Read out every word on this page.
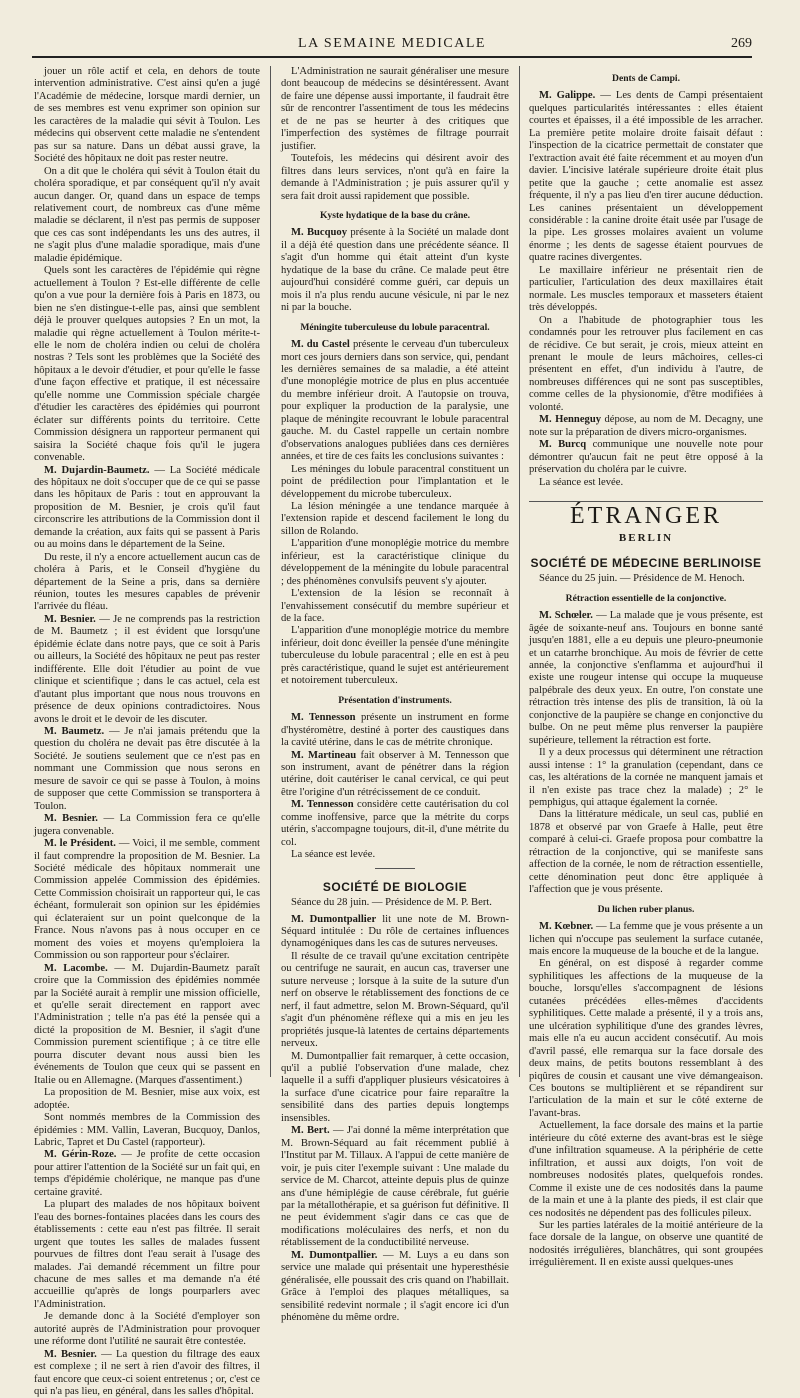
LA SEMAINE MEDICALE	269

jouer un rôle actif et cela, en dehors de toute intervention administrative. C'est ainsi qu'en a jugé l'Académie de médecine, lorsque mardi dernier, un de ses membres est venu exprimer son opinion sur les caractères de la maladie qui sévit à Toulon. Les médecins qui observent cette maladie ne s'entendent pas sur sa nature. Dans un débat aussi grave, la Société des hôpitaux ne doit pas rester neutre.

On a dit que le choléra qui sévit à Toulon était du choléra sporadique, et par conséquent qu'il n'y avait aucun danger. Or, quand dans un espace de temps relativement court, de nombreux cas d'une même maladie se déclarent, il n'est pas permis de supposer que ces cas sont indépendants les uns des autres, il ne s'agit plus d'une maladie sporadique, mais d'une maladie épidémique.

Quels sont les caractères de l'épidémie qui règne actuellement à Toulon ? Est-elle différente de celle qu'on a vue pour la dernière fois à Paris en 1873, ou bien ne s'en distingue-t-elle pas, ainsi que semblent déjà le prouver quelques autopsies ? En un mot, la maladie qui règne actuellement à Toulon mérite-t-elle le nom de choléra indien ou celui de choléra nostras ? Tels sont les problèmes que la Société des hôpitaux a le devoir d'étudier, et pour qu'elle le fasse d'une façon effective et pratique, il est nécessaire qu'elle nomme une Commission spéciale chargée d'étudier les caractères des épidémies qui pourront éclater sur différents points du territoire. Cette Commission désignera un rapporteur permanent qui saisira la Société chaque fois qu'il le jugera convenable.

M. Dujardin-Baumetz. — La Société médicale des hôpitaux ne doit s'occuper que de ce qui se passe dans les hôpitaux de Paris : tout en approuvant la proposition de M. Besnier, je crois qu'il faut circonscrire les attributions de la Commission dont il demande la création, aux faits qui se passent à Paris ou au moins dans le département de la Seine.

Du reste, il n'y a encore actuellement aucun cas de choléra à Paris, et le Conseil d'hygiène du département de la Seine a pris, dans sa dernière réunion, toutes les mesures capables de prévenir l'arrivée du fléau.

M. Besnier. — Je ne comprends pas la restriction de M. Baumetz ; il est évident que lorsqu'une épidémie éclate dans notre pays, que ce soit à Paris ou ailleurs, la Société des hôpitaux ne peut pas rester indifférente. Elle doit l'étudier au point de vue clinique et scientifique ; dans le cas actuel, cela est d'autant plus important que nous nous trouvons en présence de deux opinions contradictoires. Nous avons le droit et le devoir de les discuter.

M. Baumetz. — Je n'ai jamais prétendu que la question du choléra ne devait pas être discutée à la Société. Je soutiens seulement que ce n'est pas en nommant une Commission que nous serons en mesure de savoir ce qui se passe à Toulon, à moins de supposer que cette Commission se transportera à Toulon.

M. Besnier. — La Commission fera ce qu'elle jugera convenable.

M. le Président. — Voici, il me semble, comment il faut comprendre la proposition de M. Besnier. La Société médicale des hôpitaux nommerait une Commission appelée Commission des épidémies. Cette Commission choisirait un rapporteur qui, le cas échéant, formulerait son opinion sur les épidémies qui éclateraient sur un point quelconque de la France. Nous n'avons pas à nous occuper en ce moment des voies et moyens qu'emploiera la Commission ou son rapporteur pour s'éclairer.

M. Lacombe. — M. Dujardin-Baumetz paraît croire que la Commission des épidémies nommée par la Société aurait à remplir une mission officielle, et qu'elle serait directement en rapport avec l'Administration ; telle n'a pas été la pensée qui a dicté la proposition de M. Besnier, il s'agit d'une Commission purement scientifique ; à ce titre elle pourra discuter devant nous aussi bien les événements de Toulon que ceux qui se passent en Italie ou en Allemagne. (Marques d'assentiment.)

La proposition de M. Besnier, mise aux voix, est adoptée.

Sont nommés membres de la Commission des épidémies : MM. Vallin, Laveran, Bucquoy, Danlos, Labric, Tapret et Du Castel (rapporteur).

M. Gérin-Roze. — Je profite de cette occasion pour attirer l'attention de la Société sur un fait qui, en temps d'épidémie cholérique, ne manque pas d'une certaine gravité.

La plupart des malades de nos hôpitaux boivent l'eau des bornes-fontaines placées dans les cours des établissements : cette eau n'est pas filtrée. Il serait urgent que toutes les salles de malades fussent pourvues de filtres dont l'eau serait à l'usage des malades. J'ai demandé récemment un filtre pour chacune de mes salles et ma demande n'a été accueillie qu'après de longs pourparlers avec l'Administration.

Je demande donc à la Société d'employer son autorité auprès de l'Administration pour provoquer une réforme dont l'utilité ne saurait être contestée.

M. Besnier. — La question du filtrage des eaux est complexe ; il ne sert à rien d'avoir des filtres, il faut encore que ceux-ci soient entretenus ; or, c'est ce qui n'a pas lieu, en général, dans les salles d'hôpital.

L'Administration ne saurait généraliser une mesure dont beaucoup de médecins se désintéressent. Avant de faire une dépense aussi importante, il faudrait être sûr de rencontrer l'assentiment de tous les médecins et de ne pas se heurter à des critiques que l'imperfection des systèmes de filtrage pourrait justifier.

Toutefois, les médecins qui désirent avoir des filtres dans leurs services, n'ont qu'à en faire la demande à l'Administration ; je puis assurer qu'il y sera fait droit aussi rapidement que possible.

Kyste hydatique de la base du crâne.

M. Bucquoy présente à la Société un malade dont il a déjà été question dans une précédente séance. Il s'agit d'un homme qui était atteint d'un kyste hydatique de la base du crâne. Ce malade peut être aujourd'hui considéré comme guéri, car depuis un mois il n'a plus rendu aucune vésicule, ni par le nez ni par la bouche.

Méningite tuberculeuse du lobule paracentral.

M. du Castel présente le cerveau d'un tuberculeux mort ces jours derniers dans son service, qui, pendant les dernières semaines de sa maladie, a été atteint d'une monoplégie motrice de plus en plus accentuée du membre inférieur droit. A l'autopsie on trouva, pour expliquer la production de la paralysie, une plaque de méningite recouvrant le lobule paracentral gauche. M. du Castel rappelle un certain nombre d'observations analogues publiées dans ces dernières années, et tire de ces faits les conclusions suivantes :

Les méninges du lobule paracentral constituent un point de prédilection pour l'implantation et le développement du microbe tuberculeux.

La lésion méningée a une tendance marquée à l'extension rapide et descend facilement le long du sillon de Rolando.

L'apparition d'une monoplégie motrice du membre inférieur, est la caractéristique clinique du développement de la méningite du lobule paracentral ; des phénomènes convulsifs peuvent s'y ajouter.

L'extension de la lésion se reconnaît à l'envahissement consécutif du membre supérieur et de la face.

L'apparition d'une monoplégie motrice du membre inférieur, doit donc éveiller la pensée d'une méningite tuberculeuse du lobule paracentral ; elle en est à peu près caractéristique, quand le sujet est antérieurement et notoirement tuberculeux.

Présentation d'instruments.

M. Tennesson présente un instrument en forme d'hystéromètre, destiné à porter des caustiques dans la cavité utérine, dans le cas de métrite chronique.

M. Martineau fait observer à M. Tennesson que son instrument, avant de pénétrer dans la région utérine, doit cautériser le canal cervical, ce qui peut être l'origine d'un rétrécissement de ce conduit.

M. Tennesson considère cette cautérisation du col comme inoffensive, parce que la métrite du corps utérin, s'accompagne toujours, dit-il, d'une métrite du col.

La séance est levée.

SOCIÉTÉ DE BIOLOGIE

Séance du 28 juin. — Présidence de M. P. Bert.

M. Dumontpallier lit une note de M. Brown-Séquard intitulée : Du rôle de certaines influences dynamogéniques dans les cas de sutures nerveuses.

Il résulte de ce travail qu'une excitation centripète ou centrifuge ne saurait, en aucun cas, traverser une suture nerveuse ; lorsque à la suite de la suture d'un nerf on observe le rétablissement des fonctions de ce nerf, il faut admettre, selon M. Brown-Séquard, qu'il s'agit d'un phénomène réflexe qui a mis en jeu les propriétés jusque-là latentes de certains départements nerveux.

M. Dumontpallier fait remarquer, à cette occasion, qu'il a publié l'observation d'une malade, chez laquelle il a suffi d'appliquer plusieurs vésicatoires à la surface d'une cicatrice pour faire reparaître la sensibilité dans des parties depuis longtemps insensibles.

M. Bert. — J'ai donné la même interprétation que M. Brown-Séquard au fait récemment publié à l'Institut par M. Tillaux. A l'appui de cette manière de voir, je puis citer l'exemple suivant : Une malade du service de M. Charcot, atteinte depuis plus de quinze ans d'une hémiplégie de cause cérébrale, fut guérie par la métallothérapie, et sa guérison fut définitive. Il ne peut évidemment s'agir dans ce cas que de modifications moléculaires des nerfs, et non du rétablissement de la conductibilité nerveuse.

M. Dumontpallier. — M. Luys a eu dans son service une malade qui présentait une hyperesthésie généralisée, elle poussait des cris quand on l'habillait. Grâce à l'emploi des plaques métalliques, sa sensibilité redevint normale ; il s'agit encore ici d'un phénomène du même ordre.

Dents de Campi.

M. Galippe. — Les dents de Campi présentaient quelques particularités intéressantes : elles étaient courtes et épaisses, il a été impossible de les arracher. La première petite molaire droite faisait défaut : l'inspection de la cicatrice permettait de constater que l'extraction avait été faite récemment et au moyen d'un davier. L'incisive latérale supérieure droite était plus petite que la gauche ; cette anomalie est assez fréquente, il n'y a pas lieu d'en tirer aucune déduction. Les canines présentaient un développement considérable : la canine droite était usée par l'usage de la pipe. Les grosses molaires avaient un volume énorme ; les dents de sagesse étaient pourvues de quatre racines divergentes.

Le maxillaire inférieur ne présentait rien de particulier, l'articulation des deux maxillaires était normale. Les muscles temporaux et masseters étaient très développés.

On a l'habitude de photographier tous les condamnés pour les retrouver plus facilement en cas de récidive. Ce but serait, je crois, mieux atteint en prenant le moule de leurs mâchoires, celles-ci présentent en effet, d'un individu à l'autre, de nombreuses différences qui ne sont pas susceptibles, comme celles de la physionomie, d'être modifiées à volonté.

M. Henneguy dépose, au nom de M. Decagny, une note sur la préparation de divers micro-organismes.

M. Burcq communique une nouvelle note pour démontrer qu'aucun fait ne peut être opposé à la préservation du choléra par le cuivre.

La séance est levée.

ÉTRANGER
BERLIN
SOCIÉTÉ DE MÉDECINE BERLINOISE

Séance du 25 juin. — Présidence de M. Henoch.

Rétraction essentielle de la conjonctive.

M. Schœler. — La malade que je vous présente, est âgée de soixante-neuf ans. Toujours en bonne santé jusqu'en 1881, elle a eu depuis une pleuro-pneumonie et un catarrhe bronchique. Au mois de février de cette année, la conjonctive s'enflamma et aujourd'hui il existe une rougeur intense qui occupe la muqueuse palpébrale des deux yeux. En outre, l'on constate une rétraction très intense des plis de transition, là où la conjonctive de la paupière se change en conjonctive du bulbe. On ne peut même plus renverser la paupière supérieure, tellement la rétraction est forte.

Il y a deux processus qui déterminent une rétraction aussi intense : 1° la granulation (cependant, dans ce cas, les altérations de la cornée ne manquent jamais et il n'en existe pas trace chez la malade) ; 2° le pemphigus, qui attaque également la cornée.

Dans la littérature médicale, un seul cas, publié en 1878 et observé par von Graefe à Halle, peut être comparé à celui-ci. Graefe proposa pour combattre la rétraction de la conjonctive, qui se manifeste sans affection de la cornée, le nom de rétraction essentielle, cette dénomination peut donc être appliquée à l'affection que je vous présente.

Du lichen ruber planus.

M. Kœbner. — La femme que je vous présente a un lichen qui n'occupe pas seulement la surface cutanée, mais encore la muqueuse de la bouche et de la langue.

En général, on est disposé à regarder comme syphilitiques les affections de la muqueuse de la bouche, lorsqu'elles s'accompagnent de lésions cutanées précédées elles-mêmes d'accidents syphilitiques. Cette malade a présenté, il y a trois ans, une ulcération syphilitique d'une des grandes lèvres, mais elle n'a eu aucun accident consécutif. Au mois d'avril passé, elle remarqua sur la face dorsale des deux mains, de petits boutons ressemblant à des piqûres de cousin et causant une vive démangeaison. Ces boutons se multiplièrent et se répandirent sur l'articulation de la main et sur le côté externe de l'avant-bras.

Actuellement, la face dorsale des mains et la partie intérieure du côté externe des avant-bras est le siège d'une infiltration squameuse. A la périphérie de cette infiltration, et aussi aux doigts, l'on voit de nombreuses nodosités plates, quelquefois rondes. Comme il existe une de ces nodosités dans la paume de la main et une à la plante des pieds, il est clair que ces nodosités ne dépendent pas des follicules pileux.

Sur les parties latérales de la moitié antérieure de la face dorsale de la langue, on observe une quantité de nodosités irrégulières, blanchâtres, qui sont groupées irrégulièrement. Il en existe aussi quelques-unes
